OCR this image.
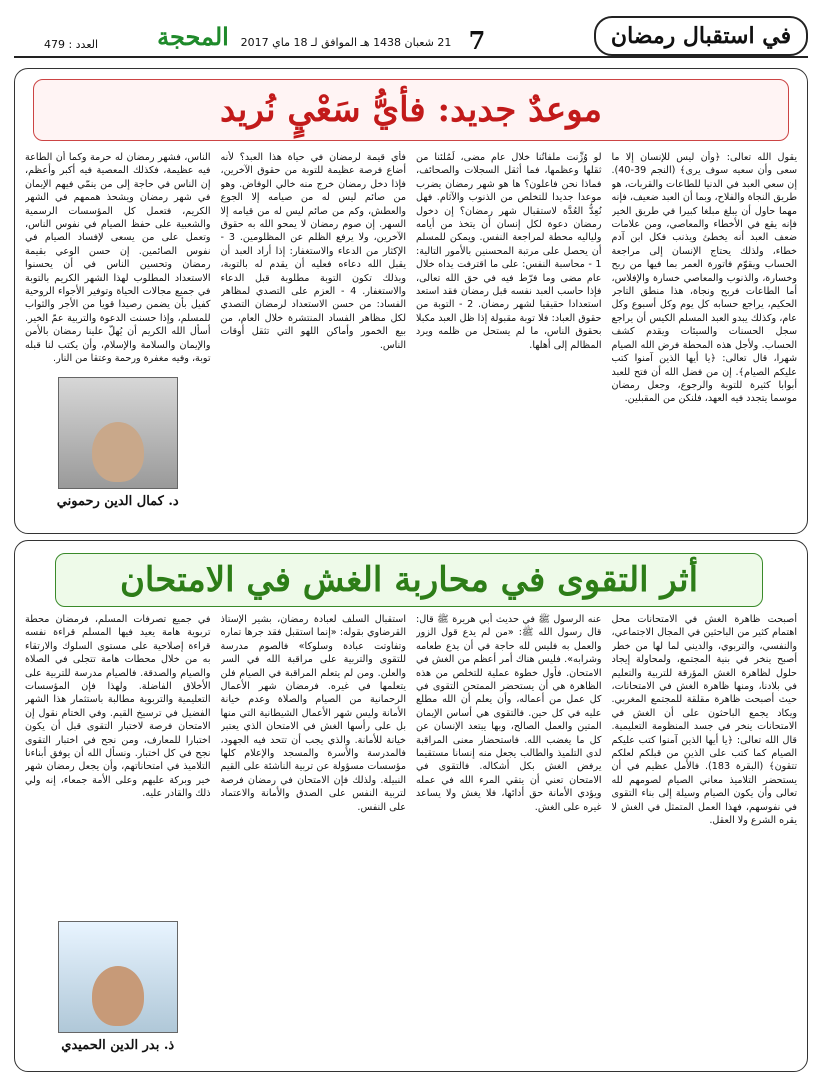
في استقبال رمضان
7
21 شعبان 1438 هـ الموافق لـ 18 ماي 2017
المحجة
العدد : 479
موعدٌ جديد: فأيُّ سَعْيٍ نُريد

يقول الله تعالى: ﴿وأن ليس للإنسان إلا ما سعى وأن سعيه سوف يرى﴾ (النجم 39-40). إن سعي العبد في الدنيا للطاعات والقربات، هو طريق النجاة والفلاح، وبما أن العبد ضعيف، فإنه مهما حاول أن يبلغ مبلغا كبيرا في طريق الخير فإنه يقع في الأخطاء والمعاصي، ومن علامات ضعف العبد أنه يخطئ ويذنب فكل ابن آدم خطاء، ولذلك يحتاج الإنسان إلى مراجعة الحساب ويقوّم فاتورة العمر بما فيها من ربح وخسارة، والذنوب والمعاصي خسارة والإفلاس، أما الطاعات فربح ونجاة، هذا منطق التاجر الحكيم، يراجع حسابه كل يوم وكل أسبوع وكل عام، وكذلك يبدو العبد المسلم الكيس أن يراجع سجل الحسنات والسيئات ويقدم كشف الحساب. ولأجل هذه المحطة فرض الله الصيام شهرا، قال تعالى: ﴿يا أيها الذين آمنوا كتب عليكم الصيام﴾. إن من فضل الله أن فتح للعبد أبوابا كثيرة للتوبة والرجوع، وجعل رمضان موسما يتجدد فيه العهد، فلنكن من المقبلين.

لو وُزِّنت ملفاتُنا خلال عام مضى، لَمُلئنا من ثقلها وعظمها، فما أثقل السجلات والصحائف، فماذا نحن فاعلون؟ ها هو شهر رمضان يضرب موعدا جديدا للتخلص من الذنوب والآثام. فهل نُعِدُّ العُدَّة لاستقبال شهر رمضان؟ إن دخول رمضان دعوة لكل إنسان أن يتخذ من أيامه ولياليه محطة لمراجعة النفس. ويمكن للمسلم أن يحصل على مرتبة المحسنين بالأمور التالية: 1 - محاسبة النفس: على ما اقترفت يداه خلال عام مضى وما فرّط فيه في حق الله تعالى، فإذا حاسب العبد نفسه قبل رمضان فقد استعد استعدادا حقيقيا لشهر رمضان. 2 - التوبة من حقوق العباد: فلا توبة مقبولة إذا ظل العبد مكبلا بحقوق الناس، ما لم يستحل من ظلمه ويرد المظالم إلى أهلها.

فأي قيمة لرمضان في حياة هذا العبد؟ لأنه أضاع فرصة عظيمة للتوبة من حقوق الآخرين، فإذا دخل رمضان خرج منه خالي الوفاض. وهو من صائم ليس له من صيامه إلا الجوع والعطش، وكم من صائم ليس له من قيامه إلا السهر. إن صوم رمضان لا يمحو الله به حقوق الآخرين، ولا يرفع الظلم عن المظلومين. 3 - الإكثار من الدعاء والاستغفار: إذا أراد العبد أن يقبل الله دعاءه فعليه أن يقدم له بالتوبة، وبذلك تكون التوبة مطلوبة قبل الدعاء والاستغفار. 4 - العزم على التصدي لمظاهر الفساد: من حسن الاستعداد لرمضان التصدي لكل مظاهر الفساد المنتشرة خلال العام، من بيع الخمور وأماكن اللهو التي تثقل أوقات الناس.

الناس، فشهر رمضان له حرمة وكما أن الطاعة فيه عظيمة، فكذلك المعصية فيه أكبر وأعظم، إن الناس في حاجة إلى من ينمّي فيهم الإيمان في شهر رمضان ويشحذ هممهم في الشهر الكريم، فتعمل كل المؤسسات الرسمية والشعبية على حفظ الصيام في نفوس الناس، وتعمل على من يسعى لإفساد الصيام في نفوس الصائمين. إن حسن الوعي بقيمة رمضان وتحسين الناس في أن يحسنوا الاستعداد المطلوب لهذا الشهر الكريم بالتوبة في جميع مجالات الحياة وتوفير الأجواء الروحية كفيل بأن يضمن رصيدا قويا من الأجر والثواب للمسلم، وإذا حسنت الدعوة والتربية عمّ الخير. أسأل الله الكريم أن يُهلّ علينا رمضان بالأمن والإيمان والسلامة والإسلام، وأن يكتب لنا قبله توبة، وفيه مغفرة ورحمة وعتقا من النار.

د. كمال الدين رحموني
أثر التقوى في محاربة الغش في الامتحان

أصبحت ظاهرة الغش في الامتحانات محل اهتمام كثير من الباحثين في المجال الاجتماعي، والنفسي، والتربوي، والديني لما لها من خطر أصبح ينخر في بنية المجتمع، ولمحاولة إيجاد حلول لظاهرة الغش المؤرقة للتربية والتعليم في بلادنا، ومنها ظاهرة الغش في الامتحانات، حيث أصبحت ظاهرة مقلقة للمجتمع المغربي. ويكاد يجمع الباحثون على أن الغش في الامتحانات ينخر في جسد المنظومة التعليمية. قال الله تعالى: ﴿يا أيها الذين آمنوا كتب عليكم الصيام كما كتب على الذين من قبلكم لعلكم تتقون﴾ (البقرة 183). فالأمل عظيم في أن يستحضر التلاميذ معاني الصيام لصومهم لله تعالى وأن يكون الصيام وسيلة إلى بناء التقوى في نفوسهم، فهذا العمل المتمثل في الغش لا يقره الشرع ولا العقل.

عنه الرسول ﷺ في حديث أبي هريرة ﷺ قال: قال رسول الله ﷺ: «من لم يدع قول الزور والعمل به فليس لله حاجة في أن يدع طعامه وشرابه». فليس هناك أمر أعظم من الغش في الامتحان. فأول خطوة عملية للتخلص من هذه الظاهرة هي أن يستحضر الممتحن التقوى في كل عمل من أعماله، وأن يعلم أن الله مطلع عليه في كل حين. فالتقوى هي أساس الإيمان المتين والعمل الصالح، وبها يبتعد الإنسان عن كل ما يغضب الله. فاستحضار معنى المراقبة لدى التلميذ والطالب يجعل منه إنسانا مستقيما يرفض الغش بكل أشكاله. فالتقوى في الامتحان تعني أن يتقي المرء الله في عمله ويؤدي الأمانة حق أدائها، فلا يغش ولا يساعد غيره على الغش.

استقبال السلف لعبادة رمضان، بشير الإستاذ القرضاوي بقوله: «إنما استقبل فقد جرها تماره وتفاوتت عبادة وسلوكا» فالصوم مدرسة للتقوى والتربية على مراقبة الله في السر والعلن. ومن لم يتعلم المراقبة في الصيام فلن يتعلمها في غيره. فرمضان شهر الأعمال الرحمانية من الصيام والصلاة وعدم خيانة الأمانة وليس شهر الأعمال الشيطانية التي منها بل على رأسها الغش في الامتحان الذي يعتبر خيانة للأمانة. والذي يجب أن تتحد فيه الجهود، فالمدرسة والأسرة والمسجد والإعلام كلها مؤسسات مسؤولة عن تربية الناشئة على القيم النبيلة. ولذلك فإن الامتحان في رمضان فرصة لتربية النفس على الصدق والأمانة والاعتماد على النفس.

في جميع تصرفات المسلم، فرمضان محطة تربوية هامة يعيد فيها المسلم قراءة نفسه قراءة إصلاحية على مستوى السلوك والارتقاء به من خلال محطات هامة تتجلى في الصلاة والصيام والصدقة. فالصيام مدرسة للتربية على الأخلاق الفاضلة. ولهذا فإن المؤسسات التعليمية والتربوية مطالبة باستثمار هذا الشهر الفضيل في ترسيخ القيم. وفي الختام نقول إن الامتحان فرصة لاختبار التقوى قبل أن يكون اختبارا للمعارف، ومن نجح في اختبار التقوى نجح في كل اختبار. ونسأل الله أن يوفق أبناءنا التلاميذ في امتحاناتهم، وأن يجعل رمضان شهر خير وبركة عليهم وعلى الأمة جمعاء، إنه ولي ذلك والقادر عليه.

ذ. بدر الدين الحميدي
